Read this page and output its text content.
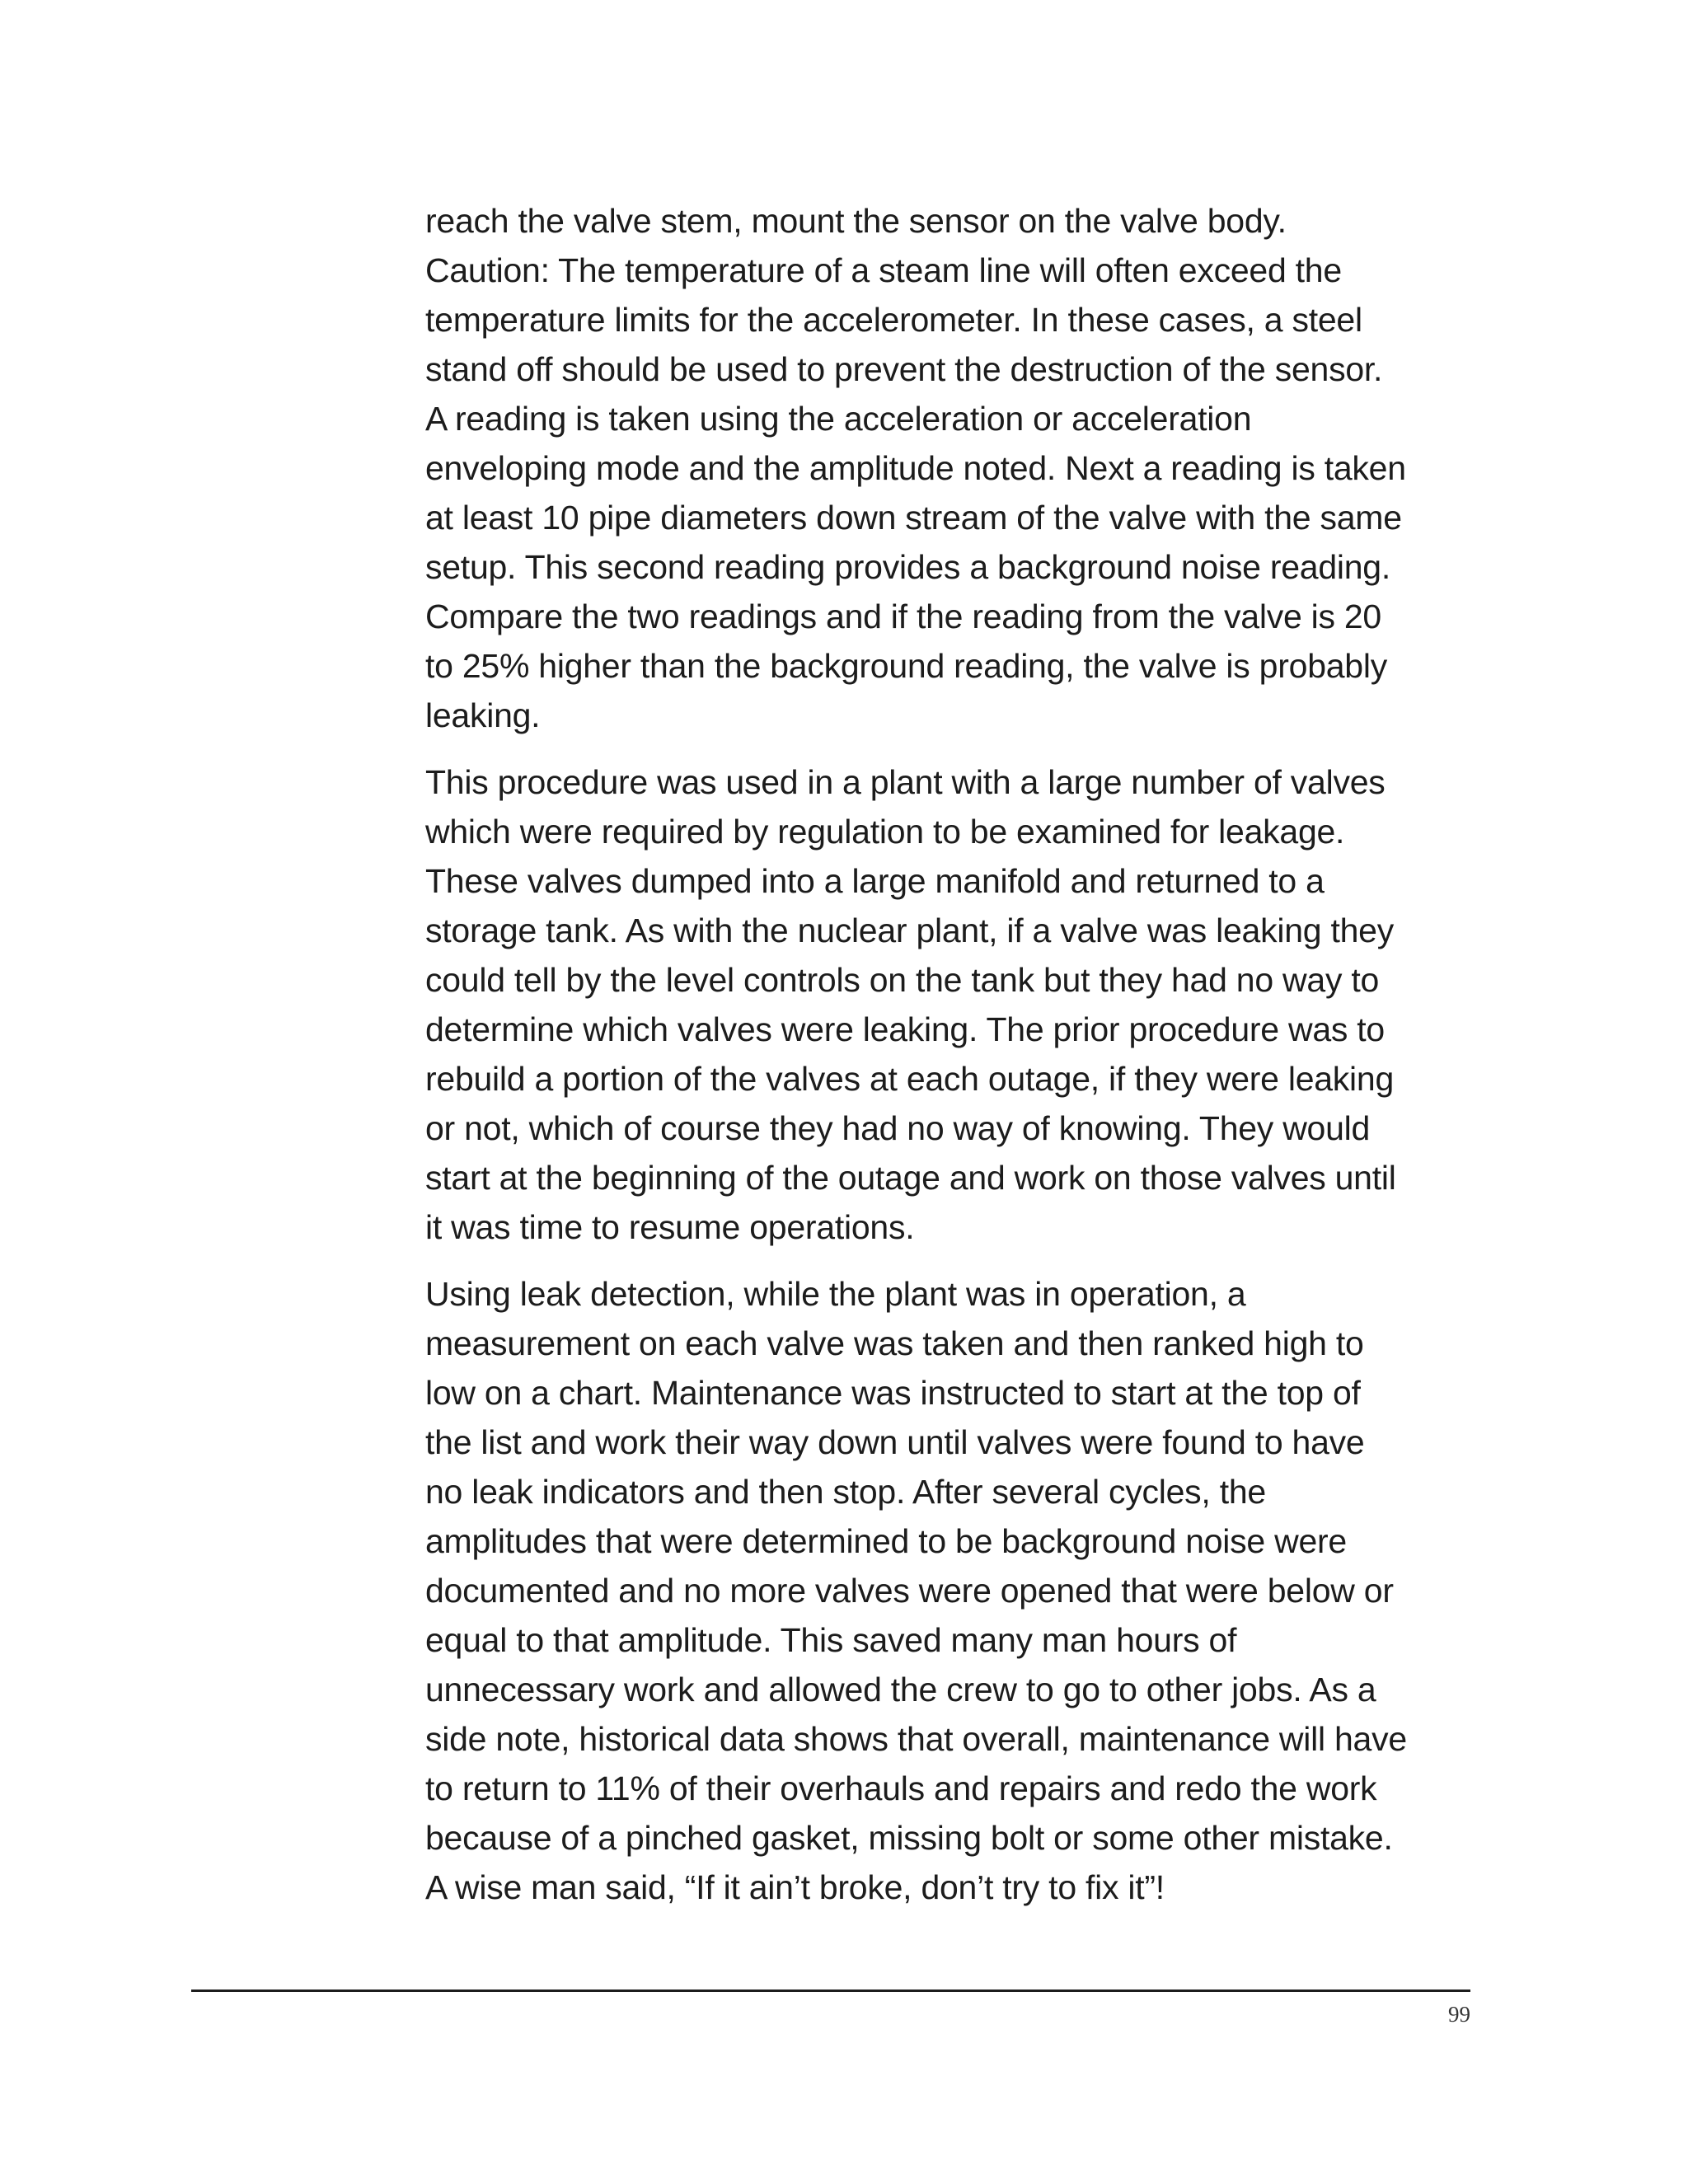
reach the valve stem, mount the sensor on the valve body.
Caution: The temperature of a steam line will often exceed the
temperature limits for the accelerometer. In these cases, a steel
stand off should be used to prevent the destruction of the sensor.
A reading is taken using the acceleration or acceleration
enveloping mode and the amplitude noted. Next a reading is taken
at least 10 pipe diameters down stream of the valve with the same
setup. This second reading provides a background noise reading.
Compare the two readings and if the reading from the valve is 20
to 25% higher than the background reading, the valve is probably
leaking.

This procedure was used in a plant with a large number of valves
which were required by regulation to be examined for leakage.
These valves dumped into a large manifold and returned to a
storage tank. As with the nuclear plant, if a valve was leaking they
could tell by the level controls on the tank but they had no way to
determine which valves were leaking. The prior procedure was to
rebuild a portion of the valves at each outage, if they were leaking
or not, which of course they had no way of knowing. They would
start at the beginning of the outage and work on those valves until
it was time to resume operations.

Using leak detection, while the plant was in operation, a
measurement on each valve was taken and then ranked high to
low on a chart. Maintenance was instructed to start at the top of
the list and work their way down until valves were found to have
no leak indicators and then stop. After several cycles, the
amplitudes that were determined to be background noise were
documented and no more valves were opened that were below or
equal to that amplitude. This saved many man hours of
unnecessary work and allowed the crew to go to other jobs. As a
side note, historical data shows that overall, maintenance will have
to return to 11% of their overhauls and repairs and redo the work
because of a pinched gasket, missing bolt or some other mistake.
A wise man said, “If it ain’t broke, don’t try to fix it”!

99
